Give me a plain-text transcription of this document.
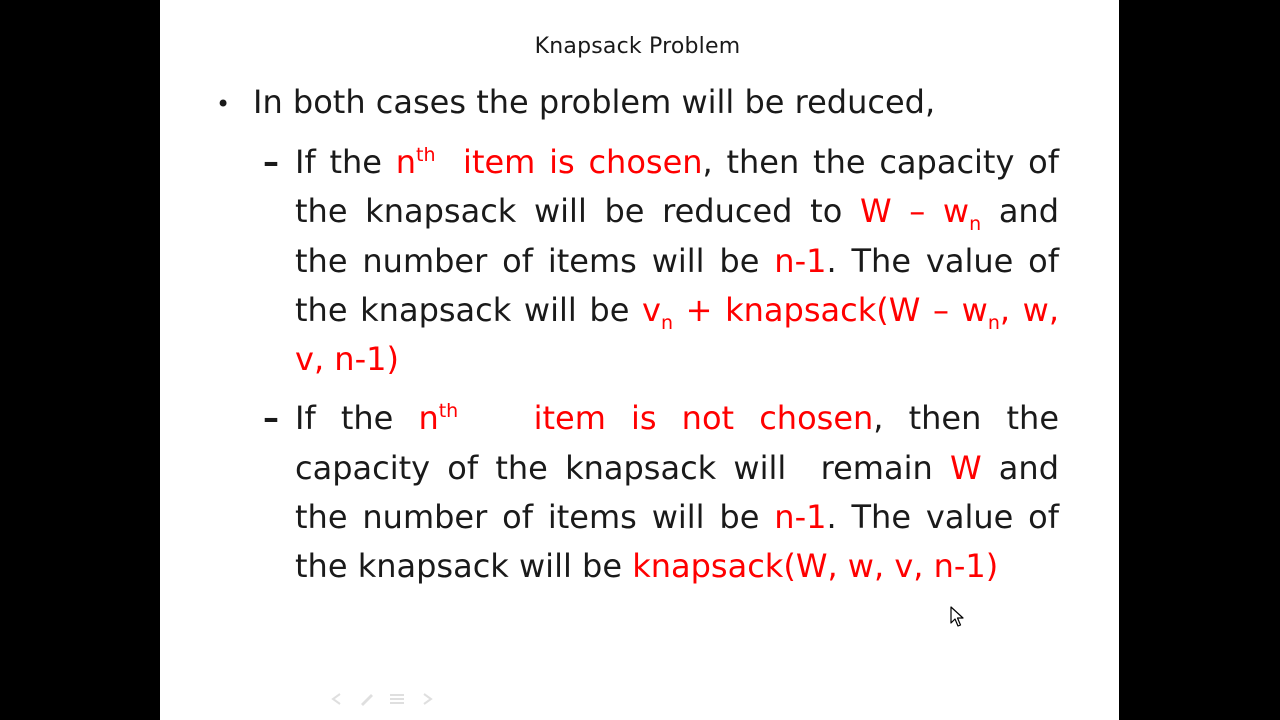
Knapsack Problem
• In both cases the problem will be reduced,
– If the $n^{th}$  item is chosen, then the capacity of
the knapsack will be reduced to W – $w_n$ and
the number of items will be n-1. The value of
the knapsack will be $v_n$ + knapsack(W – $w_n$, w,
v, n-1)
– If the $n^{th}$   item is not chosen, then the
capacity of the knapsack will  remain W and
the number of items will be n-1. The value of
the knapsack will be knapsack(W, w, v, n-1)
